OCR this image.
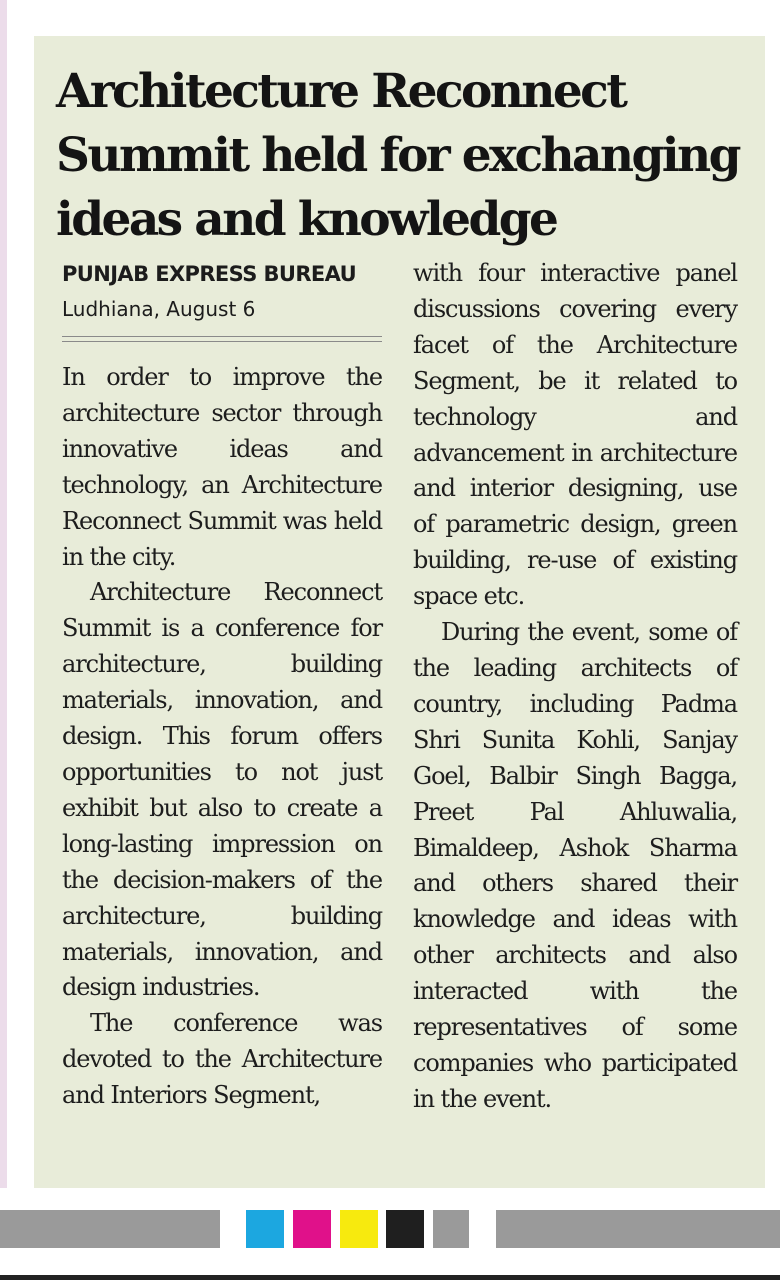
Architecture Reconnect Summit held for exchanging ideas and knowledge
PUNJAB EXPRESS BUREAU
Ludhiana, August 6

In order to improve the architecture sector through innovative ideas and technology, an Architecture Reconnect Summit was held in the city.

Architecture Reconnect Summit is a conference for architecture, building materials, innovation, and design. This forum offers opportunities to not just exhibit but also to create a long-lasting impression on the decision-makers of the architecture, building materials, innovation, and design industries.

The conference was devoted to the Architecture and Interiors Segment,

with four interactive panel discussions covering every facet of the Architecture Segment, be it related to technology and advancement in architecture and interior designing, use of parametric design, green building, re-use of existing space etc.

During the event, some of the leading architects of country, including Padma Shri Sunita Kohli, Sanjay Goel, Balbir Singh Bagga, Preet Pal Ahluwalia, Bimaldeep, Ashok Sharma and others shared their knowledge and ideas with other architects and also interacted with the representatives of some companies who participated in the event.
